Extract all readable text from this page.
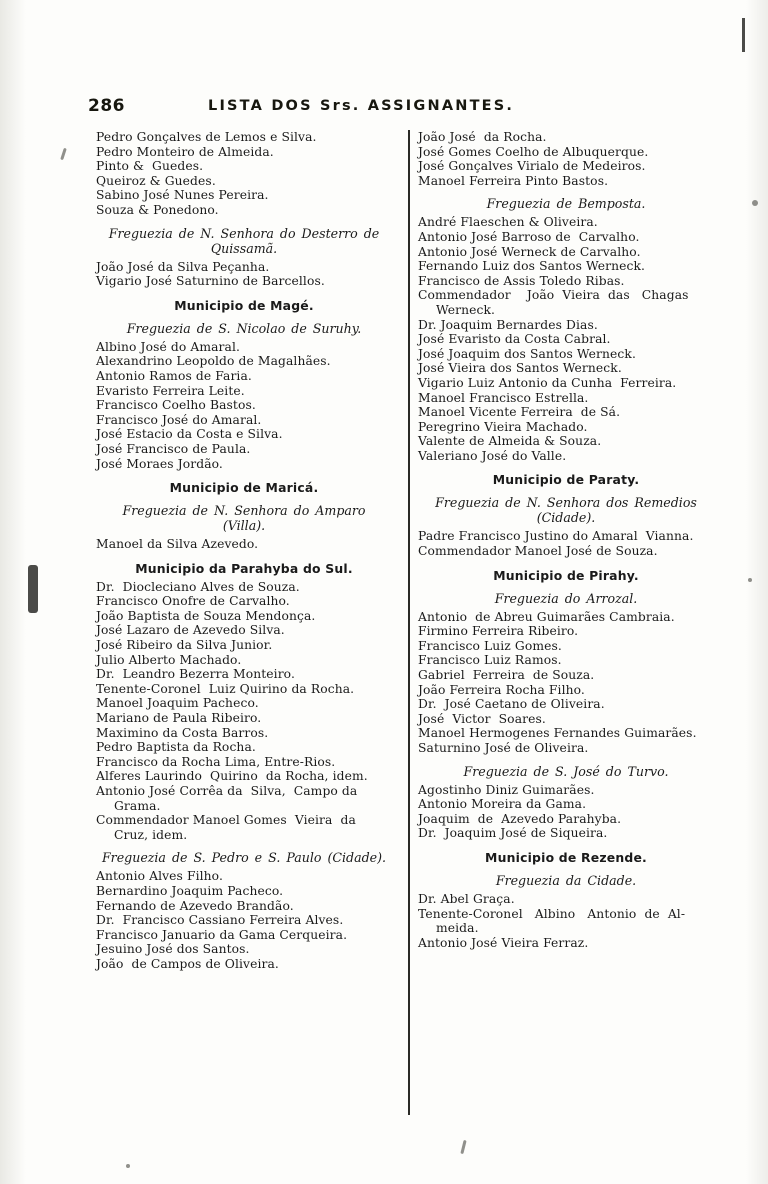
286	LISTA DOS Srs. ASSIGNANTES.
Pedro Gonçalves de Lemos e Silva.
Pedro Monteiro de Almeida.
Pinto &  Guedes.
Queiroz & Guedes.
Sabino José Nunes Pereira.
Souza & Ponedono.
Freguezia de N. Senhora do Desterro de
Quissamã.
João José da Silva Peçanha.
Vigario José Saturnino de Barcellos.
Municipio de Magé.
Freguezia de S. Nicolao de Suruhy.
Albino José do Amaral.
Alexandrino Leopoldo de Magalhães.
Antonio Ramos de Faria.
Evaristo Ferreira Leite.
Francisco Coelho Bastos.
Francisco José do Amaral.
José Estacio da Costa e Silva.
José Francisco de Paula.
José Moraes Jordão.
Municipio de Maricá.
Freguezia de N. Senhora do Amparo
(Villa).
Manoel da Silva Azevedo.
Municipio da Parahyba do Sul.
Dr.  Diocleciano Alves de Souza.
Francisco Onofre de Carvalho.
João Baptista de Souza Mendonça.
José Lazaro de Azevedo Silva.
José Ribeiro da Silva Junior.
Julio Alberto Machado.
Dr.  Leandro Bezerra Monteiro.
Tenente-Coronel  Luiz Quirino da Rocha.
Manoel Joaquim Pacheco.
Mariano de Paula Ribeiro.
Maximino da Costa Barros.
Pedro Baptista da Rocha.
Francisco da Rocha Lima, Entre-Rios.
Alferes Laurindo  Quirino  da Rocha, idem.
Antonio José Corrêa da  Silva,  Campo da
Grama.
Commendador Manoel Gomes  Vieira  da
Cruz, idem.
Freguezia de S. Pedro e S. Paulo (Cidade).
Antonio Alves Filho.
Bernardino Joaquim Pacheco.
Fernando de Azevedo Brandão.
Dr.  Francisco Cassiano Ferreira Alves.
Francisco Januario da Gama Cerqueira.
Jesuino José dos Santos.
João  de Campos de Oliveira.
João José  da Rocha.
José Gomes Coelho de Albuquerque.
José Gonçalves Virialo de Medeiros.
Manoel Ferreira Pinto Bastos.
Freguezia de Bemposta.
André Flaeschen & Oliveira.
Antonio José Barroso de  Carvalho.
Antonio José Werneck de Carvalho.
Fernando Luiz dos Santos Werneck.
Francisco de Assis Toledo Ribas.
Commendador    João  Vieira  das   Chagas
Werneck.
Dr. Joaquim Bernardes Dias.
José Evaristo da Costa Cabral.
José Joaquim dos Santos Werneck.
José Vieira dos Santos Werneck.
Vigario Luiz Antonio da Cunha  Ferreira.
Manoel Francisco Estrella.
Manoel Vicente Ferreira  de Sá.
Peregrino Vieira Machado.
Valente de Almeida & Souza.
Valeriano José do Valle.
Municipio de Paraty.
Freguezia de N. Senhora dos Remedios
(Cidade).
Padre Francisco Justino do Amaral  Vianna.
Commendador Manoel José de Souza.
Municipio de Pirahy.
Freguezia do Arrozal.
Antonio  de Abreu Guimarães Cambraia.
Firmino Ferreira Ribeiro.
Francisco Luiz Gomes.
Francisco Luiz Ramos.
Gabriel  Ferreira  de Souza.
João Ferreira Rocha Filho.
Dr.  José Caetano de Oliveira.
José  Victor  Soares.
Manoel Hermogenes Fernandes Guimarães.
Saturnino José de Oliveira.
Freguezia de S. José do Turvo.
Agostinho Diniz Guimarães.
Antonio Moreira da Gama.
Joaquim  de  Azevedo Parahyba.
Dr.  Joaquim José de Siqueira.
Municipio de Rezende.
Freguezia da Cidade.
Dr. Abel Graça.
Tenente-Coronel   Albino   Antonio  de  Al-
meida.
Antonio José Vieira Ferraz.
